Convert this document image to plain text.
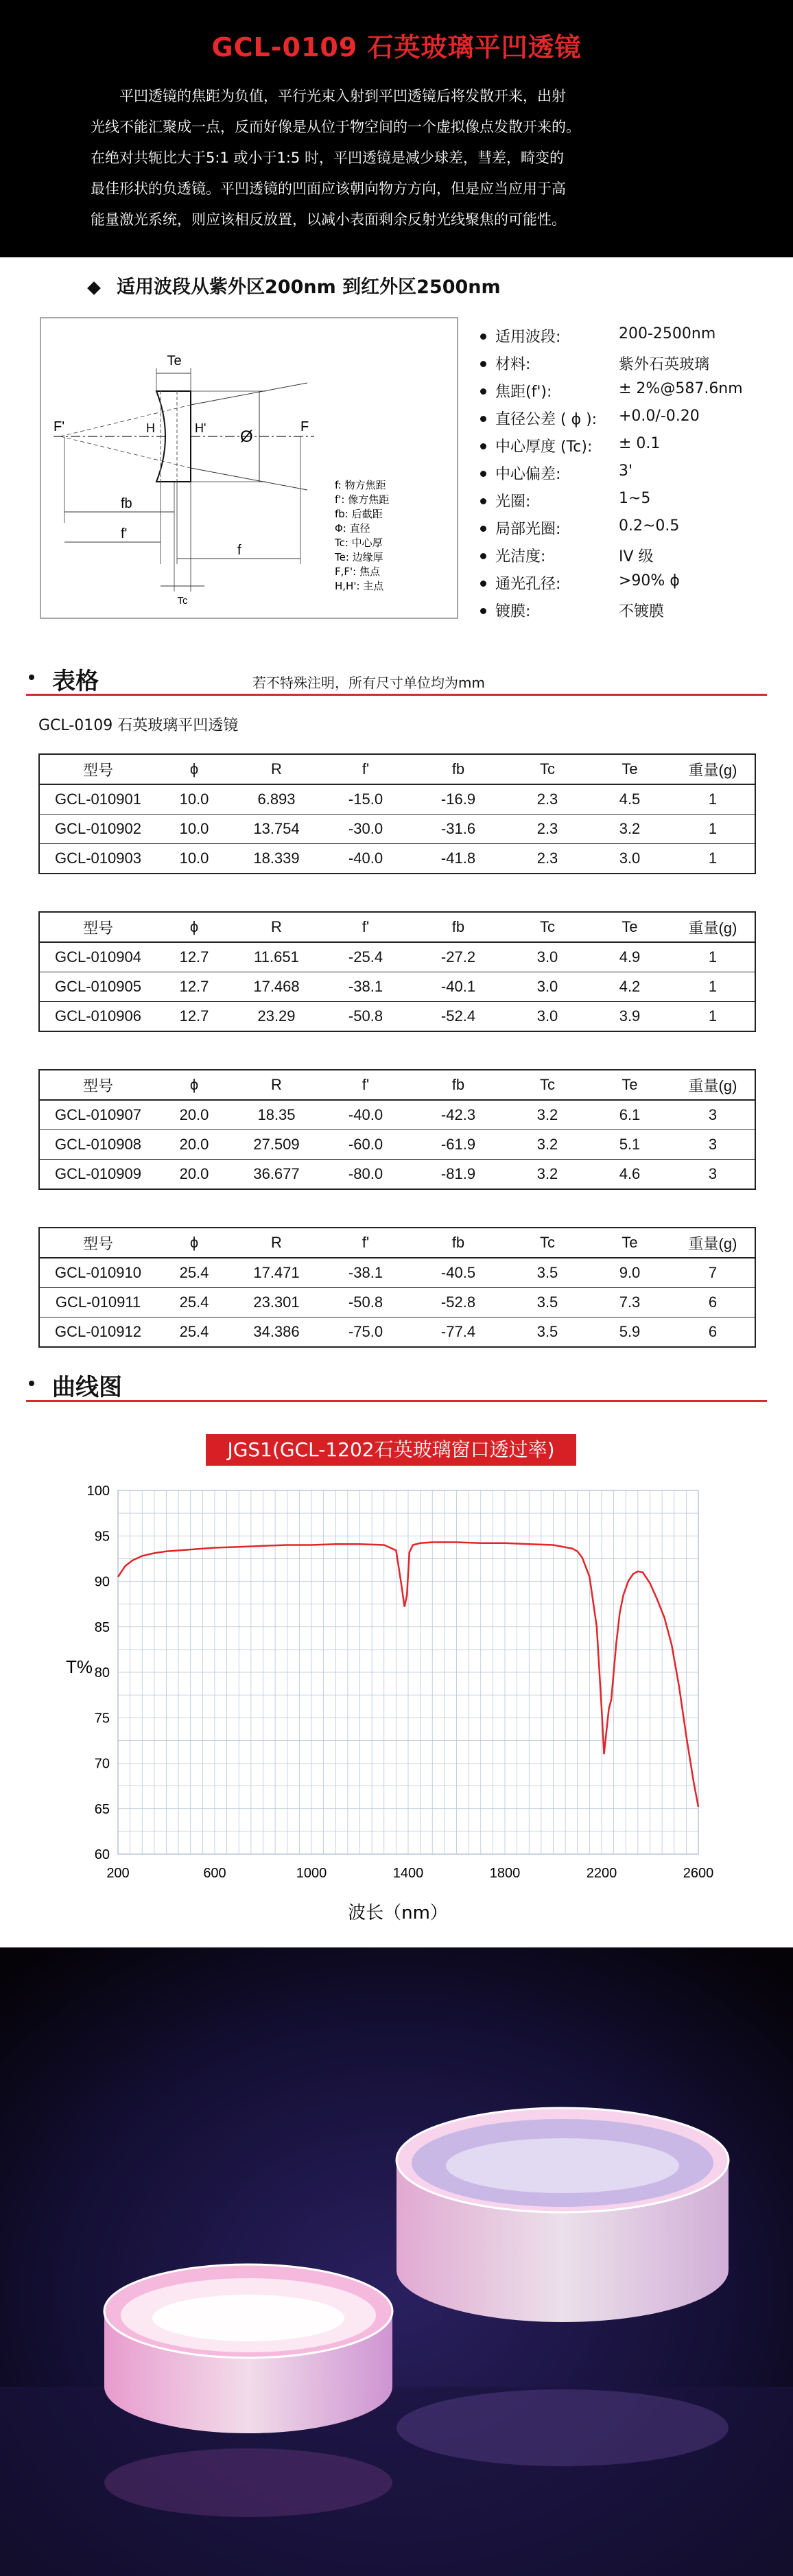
GCL-0109 石英玻璃平凹透镜

平凹透镜的焦距为负值，平行光束入射到平凹透镜后将发散开来，出射

光线不能汇聚成一点，反而好像是从位于物空间的一个虚拟像点发散开来的。

在绝对共轭比大于5:1 或小于1:5 时，平凹透镜是减少球差，彗差，畸变的

最佳形状的负透镜。平凹透镜的凹面应该朝向物方方向，但是应当应用于高

能量激光系统，则应该相反放置，以减小表面剩余反射光线聚焦的可能性。

适用波段从紫外区200nm 到红外区2500nm
Te
F'	F
H	H' Ø
fb
f'
f
Tc
f: 物方焦距
f': 像方焦距
fb: 后截距
Φ: 直径
Tc: 中心厚
Te: 边缘厚
F,F': 焦点
H,H': 主点
适用波段:	200-2500nm
材料:	紫外石英玻璃
焦距(f'):	± 2%@587.6nm
直径公差 ( ϕ ): +0.0/-0.20
中心厚度 (Tc): ± 0.1
中心偏差:	3'
光圈:	1~5
局部光圈:	0.2~0.5
光洁度:	IV 级
通光孔径:	>90% ϕ
镀膜:	不镀膜
表格	若不特殊注明，所有尺寸单位均为mm
GCL-0109 石英玻璃平凹透镜
型号	ϕ	R	f'	fb	Tc	Te	重量(g)
GCL-010901	10.0	6.893	-15.0	-16.9	2.3	4.5	1
GCL-010902	10.0	13.754	-30.0	-31.6	2.3	3.2	1
GCL-010903	10.0	18.339	-40.0	-41.8	2.3	3.0	1
型号	ϕ	R	f'	fb	Tc	Te	重量(g)
GCL-010904	12.7	11.651	-25.4	-27.2	3.0	4.9	1
GCL-010905	12.7	17.468	-38.1	-40.1	3.0	4.2	1
GCL-010906	12.7	23.29	-50.8	-52.4	3.0	3.9	1
型号	ϕ	R	f'	fb	Tc	Te	重量(g)
GCL-010907	20.0	18.35	-40.0	-42.3	3.2	6.1	3
GCL-010908	20.0	27.509	-60.0	-61.9	3.2	5.1	3
GCL-010909	20.0	36.677	-80.0	-81.9	3.2	4.6	3
型号	ϕ	R	f'	fb	Tc	Te	重量(g)
GCL-010910	25.4	17.471	-38.1	-40.5	3.5	9.0	7
GCL-010911	25.4	23.301	-50.8	-52.8	3.5	7.3	6
GCL-010912	25.4	34.386	-75.0	-77.4	3.5	5.9	6
曲线图
JGS1(GCL-1202石英玻璃窗口透过率)
60
65
70
75
80
85
90
95
100
200	600	1000	1400	1800	2200	2600
T%
波长（nm）
